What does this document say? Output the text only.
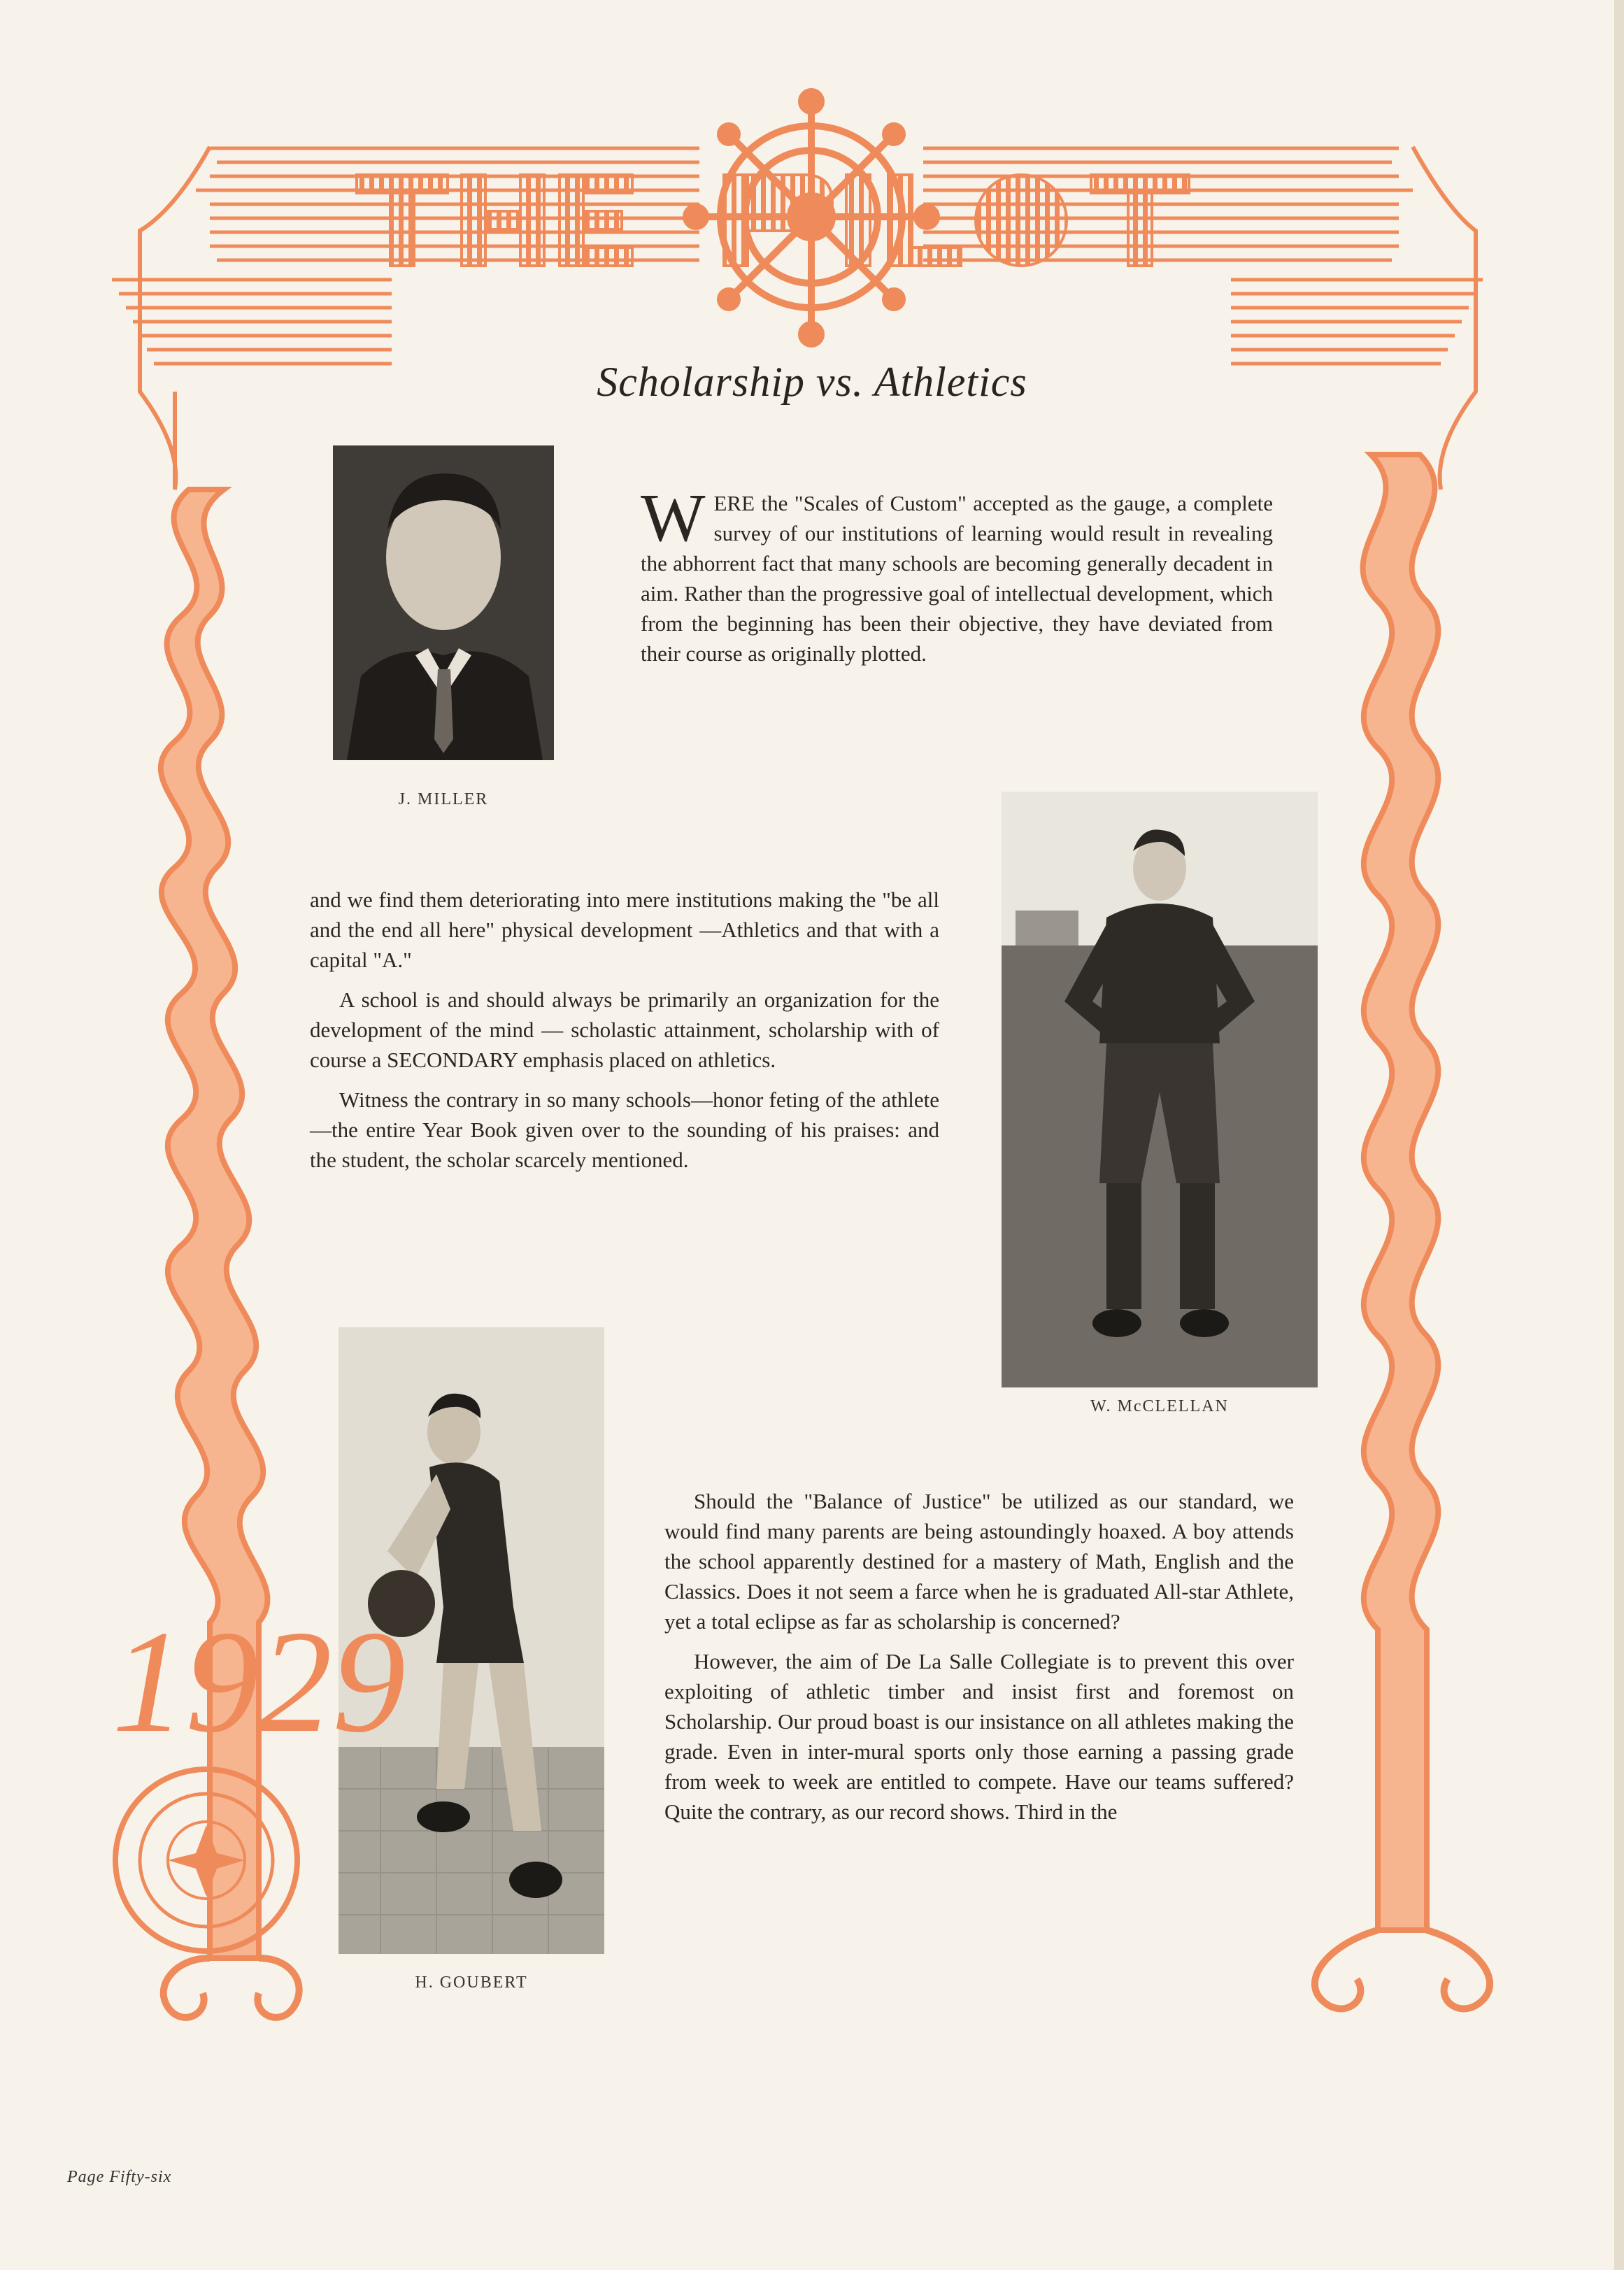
Scholarship vs. Athletics
J. MILLER

WERE the "Scales of Custom" accepted as the gauge, a complete survey of our institutions of learning would result in revealing the abhorrent fact that many schools are becoming generally decadent in aim. Rather than the progressive goal of intellectual development, which from the beginning has been their objective, they have deviated from their course as originally plotted.

and we find them deteriorating into mere institutions making the "be all and the end all here" physical development —Athletics and that with a capital "A."

A school is and should always be primarily an organization for the development of the mind — scholastic attainment, scholarship with of course a SECONDARY emphasis placed on athletics.

Witness the contrary in so many schools—honor feting of the athlete—the entire Year Book given over to the sounding of his praises: and the student, the scholar scarcely mentioned.

W. McCLELLAN
H. GOUBERT

Should the "Balance of Justice" be utilized as our standard, we would find many parents are being astoundingly hoaxed. A boy attends the school apparently destined for a mastery of Math, English and the Classics. Does it not seem a farce when he is graduated All-star Athlete, yet a total eclipse as far as scholarship is concerned?

However, the aim of De La Salle Collegiate is to prevent this over exploiting of athletic timber and insist first and foremost on Scholarship. Our proud boast is our insistance on all athletes making the grade. Even in inter-mural sports only those earning a passing grade from week to week are entitled to compete. Have our teams suffered? Quite the contrary, as our record shows. Third in the

1929
Page Fifty-six
